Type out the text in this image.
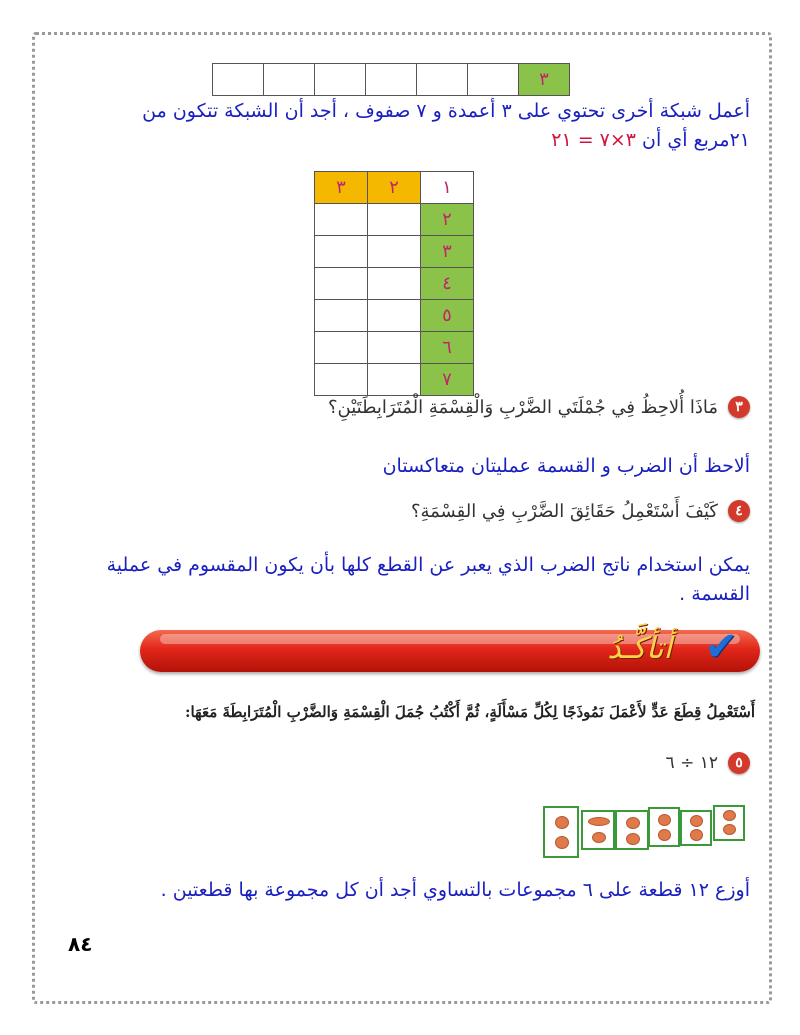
٣
أعمل شبكة أخرى تحتوي على ٣ أعمدة و ٧ صفوف ، أجد أن الشبكة تتكون من
٢١مربع أي أن ٣×٧ = ٢١
٣	٢	١
٢
٣
٤
٥
٦
٧
٣
مَاذَا أُلاحِظُ فِي جُمْلَتَي الضَّرْبِ وَالْقِسْمَةِ الْمُتَرَابِطَتَيْنِ؟
ألاحظ أن الضرب و القسمة عمليتان متعاكستان
٤
كَيْفَ أَسْتَعْمِلُ حَقَائِقَ الضَّرْبِ فِي القِسْمَةِ؟
يمكن استخدام ناتج الضرب الذي يعبر عن القطع كلها بأن يكون المقسوم في عملية
القسمة .
أتأكَّـدُ ✔
أَسْتَعْمِلُ قِطَعَ عَدٍّ لأَعْمَلَ نَمُوذَجًا لِكُلِّ مَسْأَلَةٍ، ثُمَّ أَكْتُبُ جُمَلَ الْقِسْمَةِ وَالضَّرْبِ الْمُتَرَابِطَةَ مَعَهَا:
٥
١٢ ÷ ٦
أوزع ١٢ قطعة على ٦ مجموعات بالتساوي أجد أن كل مجموعة بها قطعتين .
٨٤
